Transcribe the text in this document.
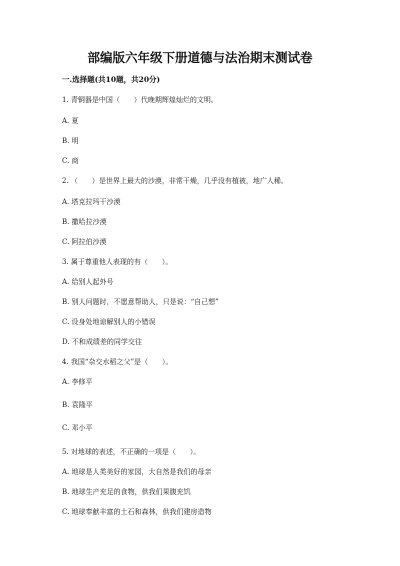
部编版六年级下册道德与法治期末测试卷
一.选择题(共10题，共20分)
1. 青铜器是中国（　　）代晚期辉煌灿烂的文明。
A. 夏
B. 明
C. 商
2. （　　）是世界上最大的沙漠，非常干燥，几乎没有植被，地广人稀。
A. 塔克拉玛干沙漠
B. 撒哈拉沙漠
C. 阿拉伯沙漠
3. 属于尊重他人表现的有（　　）。
A. 给别人起外号
B. 别人问题时，不愿意帮助人，只是说：“自己想”
C. 设身处地谅解别人的小错误
D. 不和成绩差的同学交往
4. 我国“杂交水稻之父”是（　　）。
A. 李修平
B. 袁隆平
C. 邓小平
5. 对地球的表述，不正确的一项是（　　）。
A. 地球是人类美好的家园，大自然是我们的母亲
B. 地球生产充足的食物，供我们果腹充饥
C. 地球奉献丰富的土石和森林，供我们建房造物
